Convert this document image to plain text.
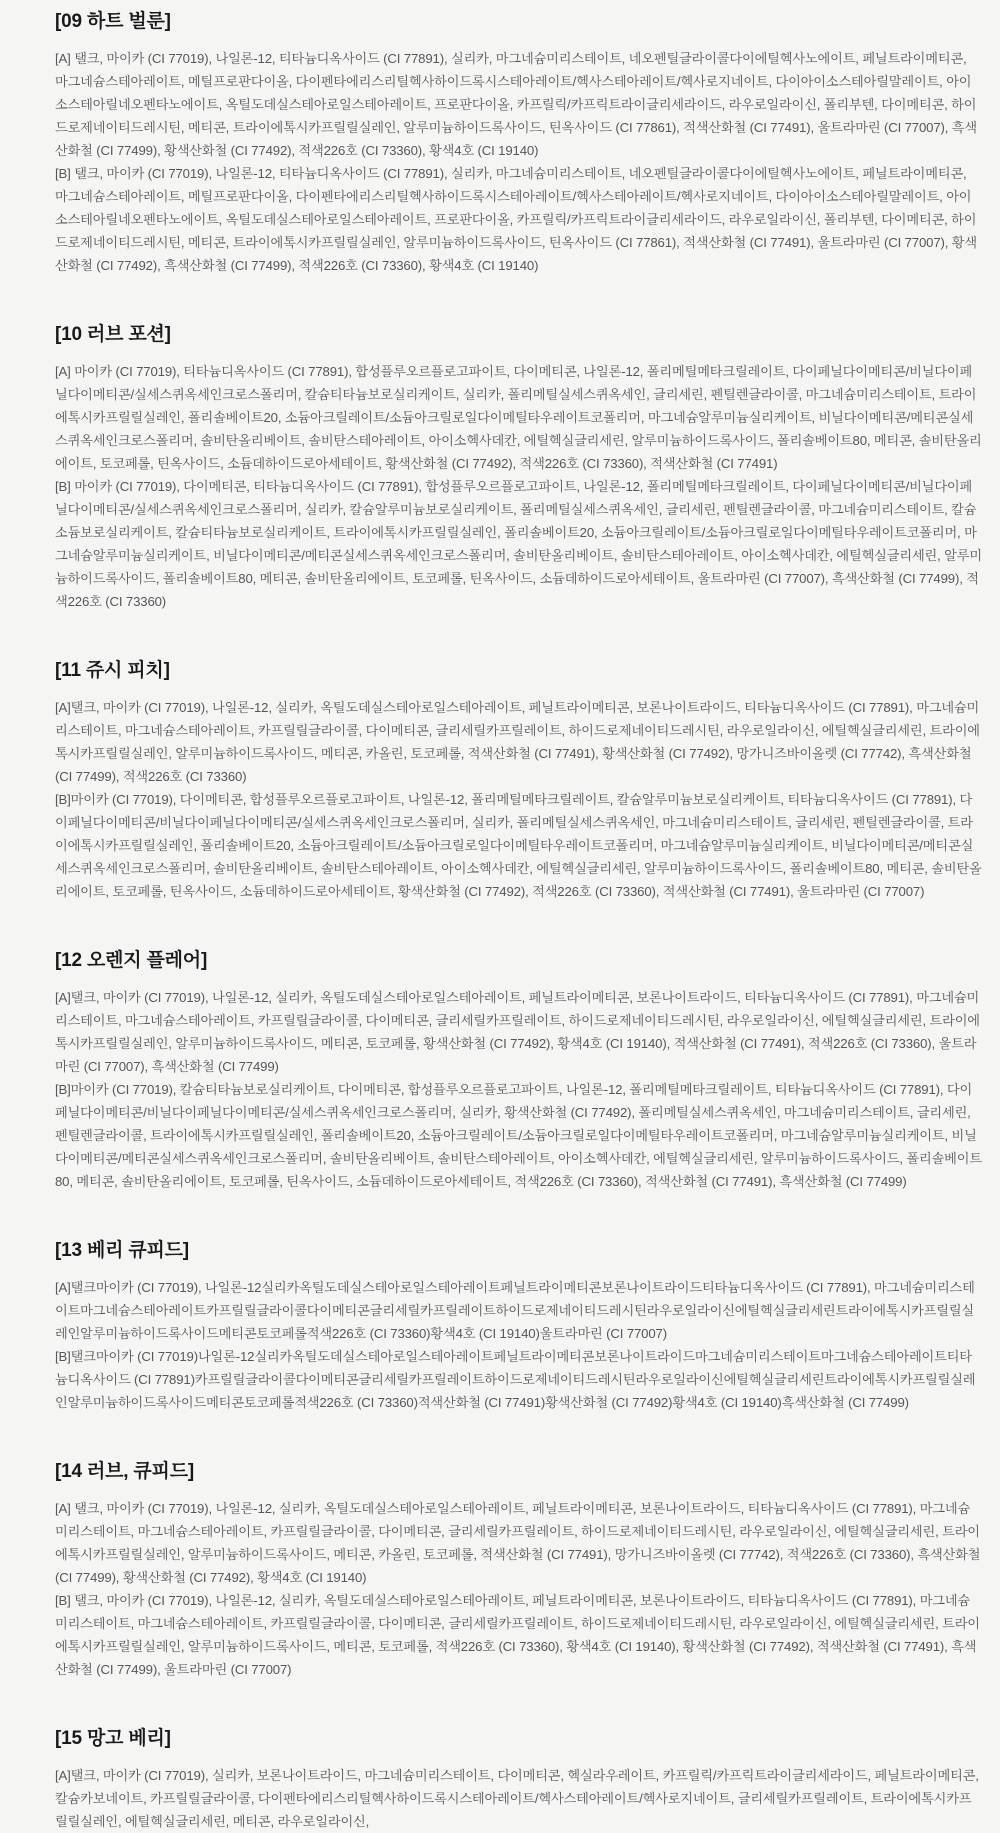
[09 하트 벌룬]

[A] 탤크, 마이카 (CI 77019), 나일론-12, 티타늄디옥사이드 (CI 77891), 실리카, 마그네슘미리스테이트, 네오펜틸글라이콜다이에틸헥사노에이트, 페닐트라이메티콘, 마그네슘스테아레이트, 메틸프로판다이올, 다이펜타에리스리틸헥사하이드록시스테아레이트/헥사스테아레이트/헥사로지네이트, 다이아이소스테아릴말레이트, 아이소스테아릴네오펜타노에이트, 옥틸도데실스테아로일스테아레이트, 프로판다이올, 카프릴릭/카프릭트라이글리세라이드, 라우로일라이신, 폴리부텐, 다이메티콘, 하이드로제네이티드레시틴, 메티콘, 트라이에톡시카프릴릴실레인, 알루미늄하이드록사이드, 틴옥사이드 (CI 77861), 적색산화철 (CI 77491), 울트라마린 (CI 77007), 흑색산화철 (CI 77499), 황색산화철 (CI 77492), 적색226호 (CI 73360), 황색4호 (CI 19140)

[B] 탤크, 마이카 (CI 77019), 나일론-12, 티타늄디옥사이드 (CI 77891), 실리카, 마그네슘미리스테이트, 네오펜틸글라이콜다이에틸헥사노에이트, 페닐트라이메티콘, 마그네슘스테아레이트, 메틸프로판다이올, 다이펜타에리스리틸헥사하이드록시스테아레이트/헥사스테아레이트/헥사로지네이트, 다이아이소스테아릴말레이트, 아이소스테아릴네오펜타노에이트, 옥틸도데실스테아로일스테아레이트, 프로판다이올, 카프릴릭/카프릭트라이글리세라이드, 라우로일라이신, 폴리부텐, 다이메티콘, 하이드로제네이티드레시틴, 메티콘, 트라이에톡시카프릴릴실레인, 알루미늄하이드록사이드, 틴옥사이드 (CI 77861), 적색산화철 (CI 77491), 울트라마린 (CI 77007), 황색산화철 (CI 77492), 흑색산화철 (CI 77499), 적색226호 (CI 73360), 황색4호 (CI 19140)

[10 러브 포션]

[A] 마이카 (CI 77019), 티타늄디옥사이드 (CI 77891), 합성플루오르플로고파이트, 다이메티콘, 나일론-12, 폴리메틸메타크릴레이트, 다이페닐다이메티콘/비닐다이페닐다이메티콘/실세스퀴옥세인크로스폴리머, 칼슘티타늄보로실리케이트, 실리카, 폴리메틸실세스퀴옥세인, 글리세린, 펜틸렌글라이콜, 마그네슘미리스테이트, 트라이에톡시카프릴릴실레인, 폴리솔베이트20, 소듐아크릴레이트/소듐아크릴로일다이메틸타우레이트코폴리머, 마그네슘알루미늄실리케이트, 비닐다이메티콘/메티콘실세스퀴옥세인크로스폴리머, 솔비탄올리베이트, 솔비탄스테아레이트, 아이소헥사데칸, 에틸헥실글리세린, 알루미늄하이드록사이드, 폴리솔베이트80, 메티콘, 솔비탄올리에이트, 토코페롤, 틴옥사이드, 소듐데하이드로아세테이트, 황색산화철 (CI 77492), 적색226호 (CI 73360), 적색산화철 (CI 77491)

[B] 마이카 (CI 77019), 다이메티콘, 티타늄디옥사이드 (CI 77891), 합성플루오르플로고파이트, 나일론-12, 폴리메틸메타크릴레이트, 다이페닐다이메티콘/비닐다이페닐다이메티콘/실세스퀴옥세인크로스폴리머, 실리카, 칼슘알루미늄보로실리케이트, 폴리메틸실세스퀴옥세인, 글리세린, 펜틸렌글라이콜, 마그네슘미리스테이트, 칼슘소듐보로실리케이트, 칼슘티타늄보로실리케이트, 트라이에톡시카프릴릴실레인, 폴리솔베이트20, 소듐아크릴레이트/소듐아크릴로일다이메틸타우레이트코폴리머, 마그네슘알루미늄실리케이트, 비닐다이메티콘/메티콘실세스퀴옥세인크로스폴리머, 솔비탄올리베이트, 솔비탄스테아레이트, 아이소헥사데칸, 에틸헥실글리세린, 알루미늄하이드록사이드, 폴리솔베이트80, 메티콘, 솔비탄올리에이트, 토코페롤, 틴옥사이드, 소듐데하이드로아세테이트, 울트라마린 (CI 77007), 흑색산화철 (CI 77499), 적색226호 (CI 73360)

[11 쥬시 피치]

[A]탤크, 마이카 (CI 77019), 나일론-12, 실리카, 옥틸도데실스테아로일스테아레이트, 페닐트라이메티콘, 보론나이트라이드, 티타늄디옥사이드 (CI 77891), 마그네슘미리스테이트, 마그네슘스테아레이트, 카프릴릴글라이콜, 다이메티콘, 글리세릴카프릴레이트, 하이드로제네이티드레시틴, 라우로일라이신, 에틸헥실글리세린, 트라이에톡시카프릴릴실레인, 알루미늄하이드록사이드, 메티콘, 카올린, 토코페롤, 적색산화철 (CI 77491), 황색산화철 (CI 77492), 망가니즈바이올렛 (CI 77742), 흑색산화철 (CI 77499), 적색226호 (CI 73360)

[B]마이카 (CI 77019), 다이메티콘, 합성플루오르플로고파이트, 나일론-12, 폴리메틸메타크릴레이트, 칼슘알루미늄보로실리케이트, 티타늄디옥사이드 (CI 77891), 다이페닐다이메티콘/비닐다이페닐다이메티콘/실세스퀴옥세인크로스폴리머, 실리카, 폴리메틸실세스퀴옥세인, 마그네슘미리스테이트, 글리세린, 펜틸렌글라이콜, 트라이에톡시카프릴릴실레인, 폴리솔베이트20, 소듐아크릴레이트/소듐아크릴로일다이메틸타우레이트코폴리머, 마그네슘알루미늄실리케이트, 비닐다이메티콘/메티콘실세스퀴옥세인크로스폴리머, 솔비탄올리베이트, 솔비탄스테아레이트, 아이소헥사데칸, 에틸헥실글리세린, 알루미늄하이드록사이드, 폴리솔베이트80, 메티콘, 솔비탄올리에이트, 토코페롤, 틴옥사이드, 소듐데하이드로아세테이트, 황색산화철 (CI 77492), 적색226호 (CI 73360), 적색산화철 (CI 77491), 울트라마린 (CI 77007)

[12 오렌지 플레어]

[A]탤크, 마이카 (CI 77019), 나일론-12, 실리카, 옥틸도데실스테아로일스테아레이트, 페닐트라이메티콘, 보론나이트라이드, 티타늄디옥사이드 (CI 77891), 마그네슘미리스테이트, 마그네슘스테아레이트, 카프릴릴글라이콜, 다이메티콘, 글리세릴카프릴레이트, 하이드로제네이티드레시틴, 라우로일라이신, 에틸헥실글리세린, 트라이에톡시카프릴릴실레인, 알루미늄하이드록사이드, 메티콘, 토코페롤, 황색산화철 (CI 77492), 황색4호 (CI 19140), 적색산화철 (CI 77491), 적색226호 (CI 73360), 울트라마린 (CI 77007), 흑색산화철 (CI 77499)

[B]마이카 (CI 77019), 칼슘티타늄보로실리케이트, 다이메티콘, 합성플루오르플로고파이트, 나일론-12, 폴리메틸메타크릴레이트, 티타늄디옥사이드 (CI 77891), 다이페닐다이메티콘/비닐다이페닐다이메티콘/실세스퀴옥세인크로스폴리머, 실리카, 황색산화철 (CI 77492), 폴리메틸실세스퀴옥세인, 마그네슘미리스테이트, 글리세린, 펜틸렌글라이콜, 트라이에톡시카프릴릴실레인, 폴리솔베이트20, 소듐아크릴레이트/소듐아크릴로일다이메틸타우레이트코폴리머, 마그네슘알루미늄실리케이트, 비닐다이메티콘/메티콘실세스퀴옥세인크로스폴리머, 솔비탄올리베이트, 솔비탄스테아레이트, 아이소헥사데칸, 에틸헥실글리세린, 알루미늄하이드록사이드, 폴리솔베이트80, 메티콘, 솔비탄올리에이트, 토코페롤, 틴옥사이드, 소듐데하이드로아세테이트, 적색226호 (CI 73360), 적색산화철 (CI 77491), 흑색산화철 (CI 77499)

[13 베리 큐피드]

[A]탤크마이카 (CI 77019), 나일론-12실리카옥틸도데실스테아로일스테아레이트페닐트라이메티콘보론나이트라이드티타늄디옥사이드 (CI 77891), 마그네슘미리스테이트마그네슘스테아레이트카프릴릴글라이콜다이메티콘글리세릴카프릴레이트하이드로제네이티드레시틴라우로일라이신에틸헥실글리세린트라이에톡시카프릴릴실레인알루미늄하이드록사이드메티콘토코페롤적색226호 (CI 73360)황색4호 (CI 19140)울트라마린 (CI 77007)

[B]탤크마이카 (CI 77019)나일론-12실리카옥틸도데실스테아로일스테아레이트페닐트라이메티콘보론나이트라이드마그네슘미리스테이트마그네슘스테아레이트티타늄디옥사이드 (CI 77891)카프릴릴글라이콜다이메티콘글리세릴카프릴레이트하이드로제네이티드레시틴라우로일라이신에틸헥실글리세린트라이에톡시카프릴릴실레인알루미늄하이드록사이드메티콘토코페롤적색226호 (CI 73360)적색산화철 (CI 77491)황색산화철 (CI 77492)황색4호 (CI 19140)흑색산화철 (CI 77499)

[14 러브, 큐피드]

[A] 탤크, 마이카 (CI 77019), 나일론-12, 실리카, 옥틸도데실스테아로일스테아레이트, 페닐트라이메티콘, 보론나이트라이드, 티타늄디옥사이드 (CI 77891), 마그네슘미리스테이트, 마그네슘스테아레이트, 카프릴릴글라이콜, 다이메티콘, 글리세릴카프릴레이트, 하이드로제네이티드레시틴, 라우로일라이신, 에틸헥실글리세린, 트라이에톡시카프릴릴실레인, 알루미늄하이드록사이드, 메티콘, 카올린, 토코페롤, 적색산화철 (CI 77491), 망가니즈바이올렛 (CI 77742), 적색226호 (CI 73360), 흑색산화철 (CI 77499), 황색산화철 (CI 77492), 황색4호 (CI 19140)

[B] 탤크, 마이카 (CI 77019), 나일론-12, 실리카, 옥틸도데실스테아로일스테아레이트, 페닐트라이메티콘, 보론나이트라이드, 티타늄디옥사이드 (CI 77891), 마그네슘미리스테이트, 마그네슘스테아레이트, 카프릴릴글라이콜, 다이메티콘, 글리세릴카프릴레이트, 하이드로제네이티드레시틴, 라우로일라이신, 에틸헥실글리세린, 트라이에톡시카프릴릴실레인, 알루미늄하이드록사이드, 메티콘, 토코페롤, 적색226호 (CI 73360), 황색4호 (CI 19140), 황색산화철 (CI 77492), 적색산화철 (CI 77491), 흑색산화철 (CI 77499), 울트라마린 (CI 77007)

[15 망고 베리]

[A]탤크, 마이카 (CI 77019), 실리카, 보론나이트라이드, 마그네슘미리스테이트, 다이메티콘, 헥실라우레이트, 카프릴릭/카프릭트라이글리세라이드, 페닐트라이메티콘, 칼슘카보네이트, 카프릴릴글라이콜, 다이펜타에리스리틸헥사하이드록시스테아레이트/헥사스테아레이트/헥사로지네이트, 글리세릴카프릴레이트, 트라이에톡시카프릴릴실레인, 에틸헥실글리세린, 메티콘, 라우로일라이신,
